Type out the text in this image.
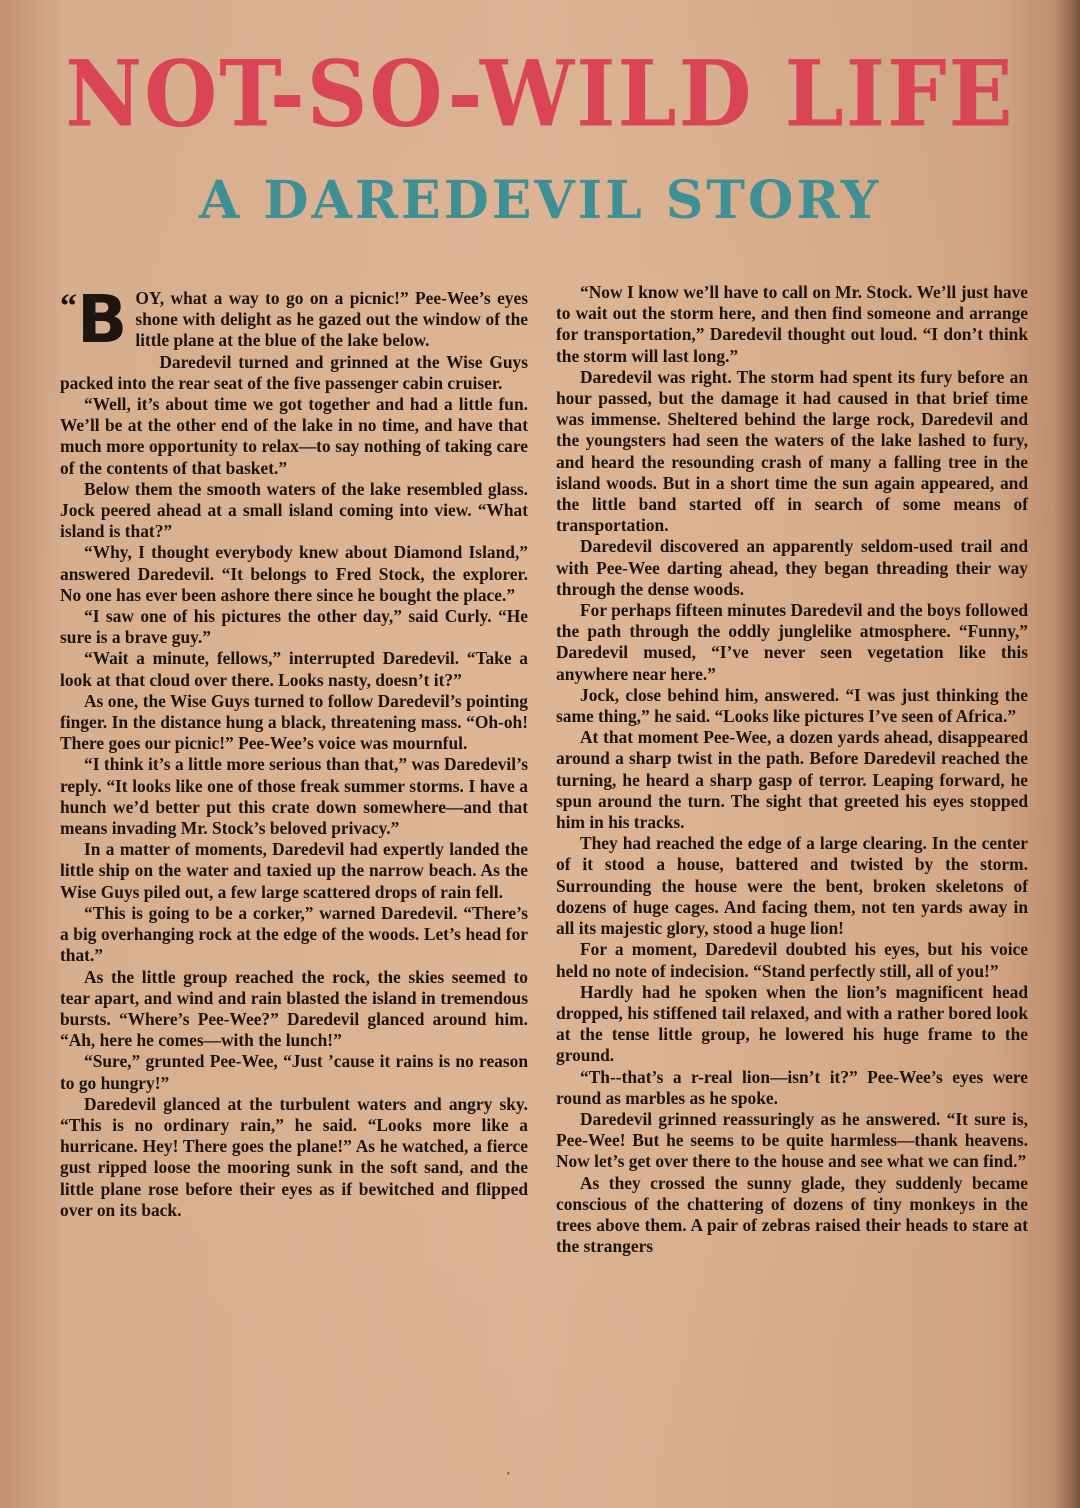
NOT-SO-WILD LIFE
A DAREDEVIL STORY

“B OY, what a way to go on a picnic!” Pee-Wee’s eyes shone with delight as he gazed out the window of the little plane at the blue of the lake below.

Daredevil turned and grinned at the Wise Guys packed into the rear seat of the five passenger cabin cruiser.

“Well, it’s about time we got together and had a little fun. We’ll be at the other end of the lake in no time, and have that much more opportunity to relax—to say nothing of taking care of the contents of that basket.”

Below them the smooth waters of the lake resembled glass. Jock peered ahead at a small island coming into view. “What island is that?”

“Why, I thought everybody knew about Diamond Island,” answered Daredevil. “It belongs to Fred Stock, the explorer. No one has ever been ashore there since he bought the place.”

“I saw one of his pictures the other day,” said Curly. “He sure is a brave guy.”

“Wait a minute, fellows,” interrupted Daredevil. “Take a look at that cloud over there. Looks nasty, doesn’t it?”

As one, the Wise Guys turned to follow Daredevil’s pointing finger. In the distance hung a black, threatening mass. “Oh-oh! There goes our picnic!” Pee-Wee’s voice was mournful.

“I think it’s a little more serious than that,” was Daredevil’s reply. “It looks like one of those freak summer storms. I have a hunch we’d better put this crate down somewhere—and that means invading Mr. Stock’s beloved privacy.”

In a matter of moments, Daredevil had expertly landed the little ship on the water and taxied up the narrow beach. As the Wise Guys piled out, a few large scattered drops of rain fell.

“This is going to be a corker,” warned Daredevil. “There’s a big overhanging rock at the edge of the woods. Let’s head for that.”

As the little group reached the rock, the skies seemed to tear apart, and wind and rain blasted the island in tremendous bursts. “Where’s Pee-Wee?” Daredevil glanced around him. “Ah, here he comes—with the lunch!”

“Sure,” grunted Pee-Wee, “Just ’cause it rains is no reason to go hungry!”

Daredevil glanced at the turbulent waters and angry sky. “This is no ordinary rain,” he said. “Looks more like a hurricane. Hey! There goes the plane!” As he watched, a fierce gust ripped loose the mooring sunk in the soft sand, and the little plane rose before their eyes as if bewitched and flipped over on its back.

“Now I know we’ll have to call on Mr. Stock. We’ll just have to wait out the storm here, and then find someone and arrange for transportation,” Daredevil thought out loud. “I don’t think the storm will last long.”

Daredevil was right. The storm had spent its fury before an hour passed, but the damage it had caused in that brief time was immense. Sheltered behind the large rock, Daredevil and the youngsters had seen the waters of the lake lashed to fury, and heard the resounding crash of many a falling tree in the island woods. But in a short time the sun again appeared, and the little band started off in search of some means of transportation.

Daredevil discovered an apparently seldom-used trail and with Pee-Wee darting ahead, they began threading their way through the dense woods.

For perhaps fifteen minutes Daredevil and the boys followed the path through the oddly junglelike atmosphere. “Funny,” Daredevil mused, “I’ve never seen vegetation like this anywhere near here.”

Jock, close behind him, answered. “I was just thinking the same thing,” he said. “Looks like pictures I’ve seen of Africa.”

At that moment Pee-Wee, a dozen yards ahead, disappeared around a sharp twist in the path. Before Daredevil reached the turning, he heard a sharp gasp of terror. Leaping forward, he spun around the turn. The sight that greeted his eyes stopped him in his tracks.

They had reached the edge of a large clearing. In the center of it stood a house, battered and twisted by the storm. Surrounding the house were the bent, broken skeletons of dozens of huge cages. And facing them, not ten yards away in all its majestic glory, stood a huge lion!

For a moment, Daredevil doubted his eyes, but his voice held no note of indecision. “Stand perfectly still, all of you!”

Hardly had he spoken when the lion’s magnificent head dropped, his stiffened tail relaxed, and with a rather bored look at the tense little group, he lowered his huge frame to the ground.

“Th--that’s a r-real lion—isn’t it?” Pee-Wee’s eyes were round as marbles as he spoke.

Daredevil grinned reassuringly as he answered. “It sure is, Pee-Wee! But he seems to be quite harmless—thank heavens. Now let’s get over there to the house and see what we can find.”

As they crossed the sunny glade, they suddenly became conscious of the chattering of dozens of tiny monkeys in the trees above them. A pair of zebras raised their heads to stare at the strangers

ʼ
